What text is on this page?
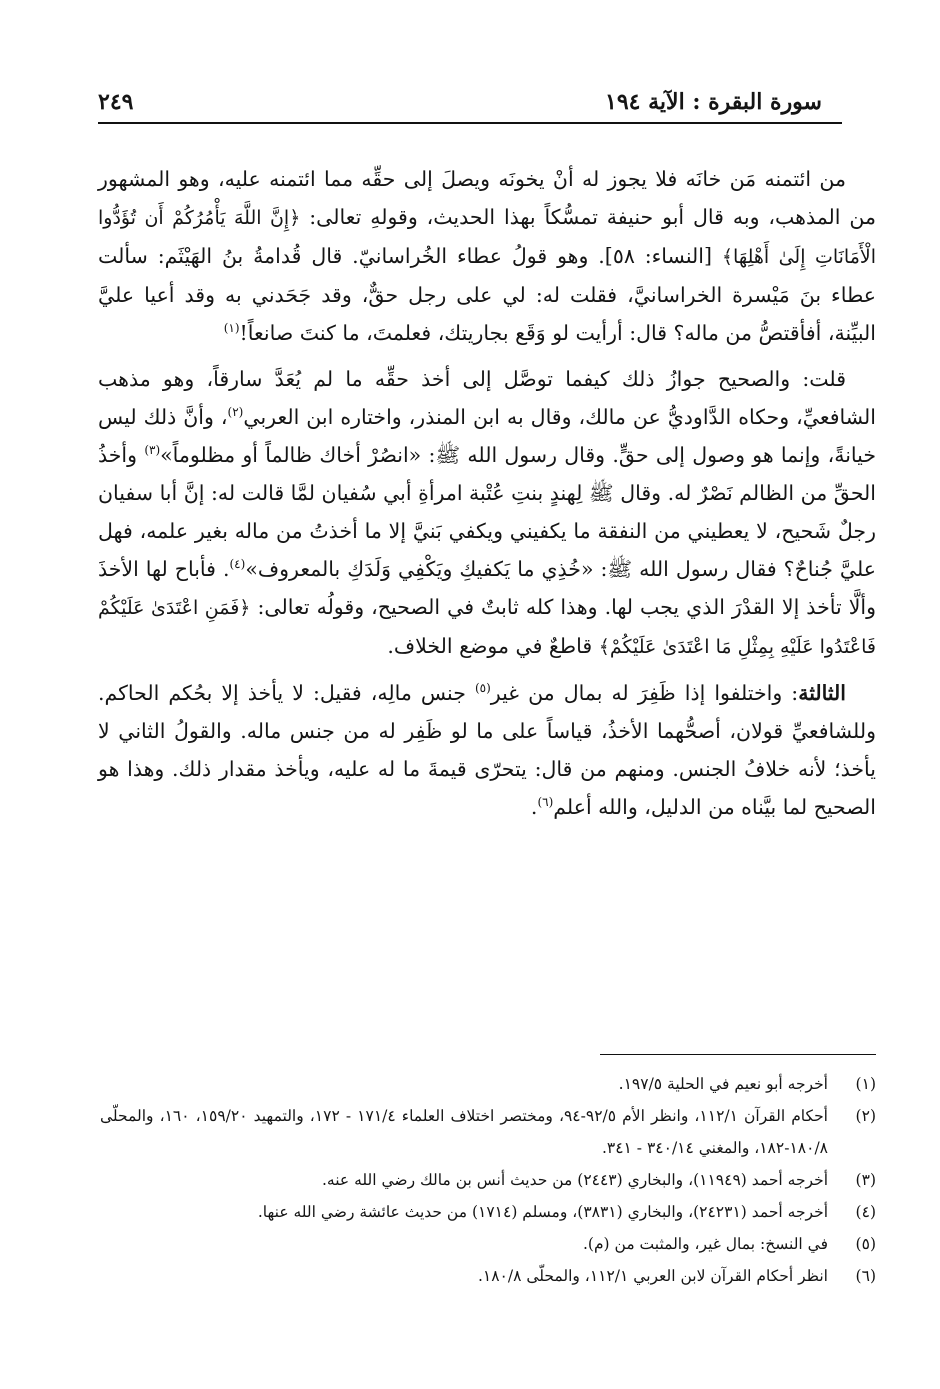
سورة البقرة : الآية ١٩٤
٢٤٩

من ائتمنه مَن خانَه فلا يجوز له أنْ يخونَه ويصلَ إلى حقِّه مما ائتمنه عليه، وهو المشهور من المذهب، وبه قال أبو حنيفة تمسُّكاً بهذا الحديث، وقولهِ تعالى: ﴿إِنَّ اللَّهَ يَأْمُرُكُمْ أَن تُؤَدُّوا الْأَمَانَاتِ إِلَىٰ أَهْلِهَا﴾ [النساء: ٥٨]. وهو قولُ عطاء الخُراسانيّ. قال قُدامةُ بنُ الهَيْثَم: سألت عطاء بنَ مَيْسرة الخراسانيَّ، فقلت له: لي على رجل حقٌّ، وقد جَحَدني به وقد أعيا عليَّ البيِّنة، أفأقتصُّ من ماله؟ قال: أرأيت لو وَقَع بجاريتك، فعلمتَ، ما كنتَ صانعاً!$^{(١)}$

قلت: والصحيح جوازُ ذلك كيفما توصَّل إلى أخذ حقِّه ما لم يُعَدَّ سارقاً، وهو مذهب الشافعيِّ، وحكاه الدَّاوديُّ عن مالك، وقال به ابن المنذر، واختاره ابن العربي$^{(٢)}$، وأنَّ ذلك ليس خيانةً، وإنما هو وصول إلى حقٍّ. وقال رسول الله ﷺ: «انصُرْ أخاك ظالماً أو مظلوماً»$^{(٣)}$ وأخذُ الحقِّ من الظالم نَصْرٌ له. وقال ﷺ لِهندٍ بنتِ عُتْبة امرأةِ أبي سُفيان لمَّا قالت له: إنَّ أبا سفيان رجلٌ شَحيح، لا يعطيني من النفقة ما يكفيني ويكفي بَنيَّ إلا ما أخذتُ من ماله بغير علمه، فهل عليَّ جُناحٌ؟ فقال رسول الله ﷺ: «خُذِي ما يَكفيكِ ويَكْفِي وَلَدَكِ بالمعروف»$^{(٤)}$. فأباح لها الأخذَ وألَّا تأخذ إلا القدْرَ الذي يجب لها. وهذا كله ثابتٌ في الصحيح، وقولُه تعالى: ﴿فَمَنِ اعْتَدَىٰ عَلَيْكُمْ فَاعْتَدُوا عَلَيْهِ بِمِثْلِ مَا اعْتَدَىٰ عَلَيْكُمْ﴾ قاطعٌ في موضع الخلاف.

الثالثة: واختلفوا إذا ظَفِرَ له بمال من غير$^{(٥)}$ جنس مالِه، فقيل: لا يأخذ إلا بحُكم الحاكم. وللشافعيِّ قولان، أصحُّهما الأخذُ، قياساً على ما لو ظَفِر له من جنس ماله. والقولُ الثاني لا يأخذ؛ لأنه خلافُ الجنس. ومنهم من قال: يتحرّى قيمةَ ما له عليه، ويأخذ مقدار ذلك. وهذا هو الصحيح لما بيَّناه من الدليل، والله أعلم$^{(٦)}$.

(١)
أخرجه أبو نعيم في الحلية ١٩٧/٥.
(٢)
أحكام القرآن ١١٢/١، وانظر الأم ٩٢/٥-٩٤، ومختصر اختلاف العلماء ١٧١/٤ - ١٧٢، والتمهيد ١٥٩/٢٠، ١٦٠، والمحلّى ١٨٠/٨-١٨٢، والمغني ٣٤٠/١٤ - ٣٤١.
(٣)
أخرجه أحمد (١١٩٤٩)، والبخاري (٢٤٤٣) من حديث أنس بن مالك رضي الله عنه.
(٤)
أخرجه أحمد (٢٤٢٣١)، والبخاري (٣٨٣١)، ومسلم (١٧١٤) من حديث عائشة رضي الله عنها.
(٥)
في النسخ: بمال غير، والمثبت من (م).
(٦)
انظر أحكام القرآن لابن العربي ١١٢/١، والمحلّى ١٨٠/٨.
